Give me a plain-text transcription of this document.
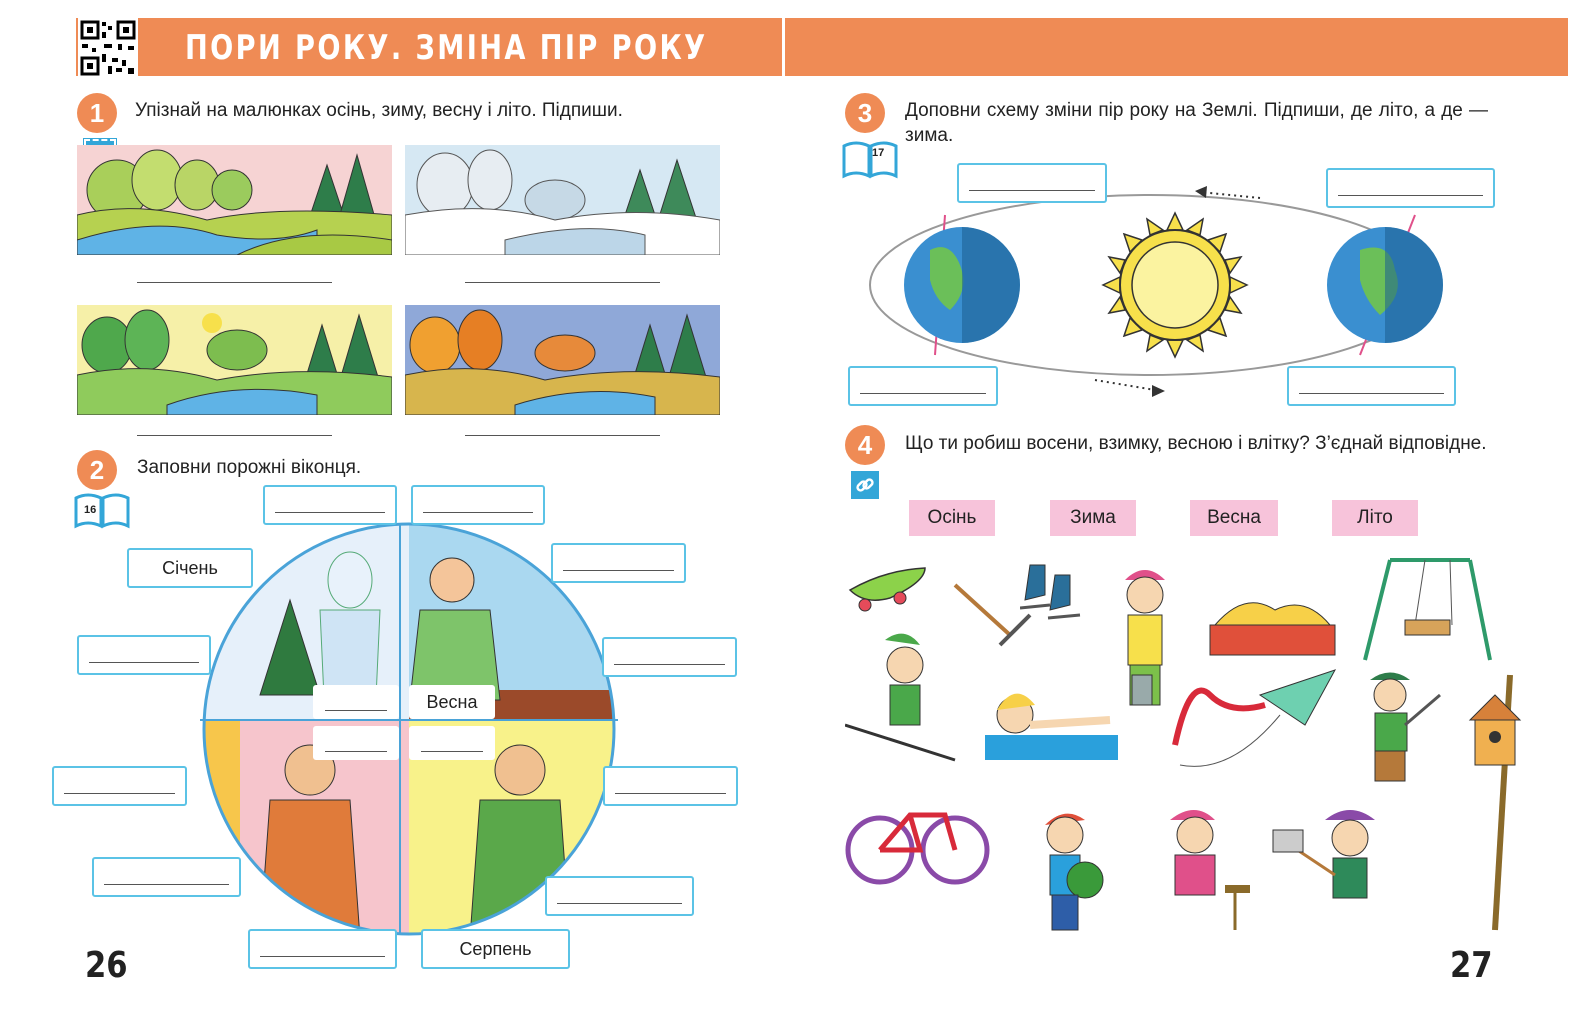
ПОРИ РОКУ. ЗМІНА ПІР РОКУ
1	Упізнай на малюнках осінь, зиму, весну і літо. Підпиши.
2	Заповни порожні віконця.
16
Січень
Весна
Серпень
26
3	Доповни схему зміни пір року на Землі. Підпиши, де літо, а де — зима.
17
4	Що ти робиш восени, взимку, весною і влітку? З’єднай відповідне.
Осінь	Зима	Весна	Літо
27
